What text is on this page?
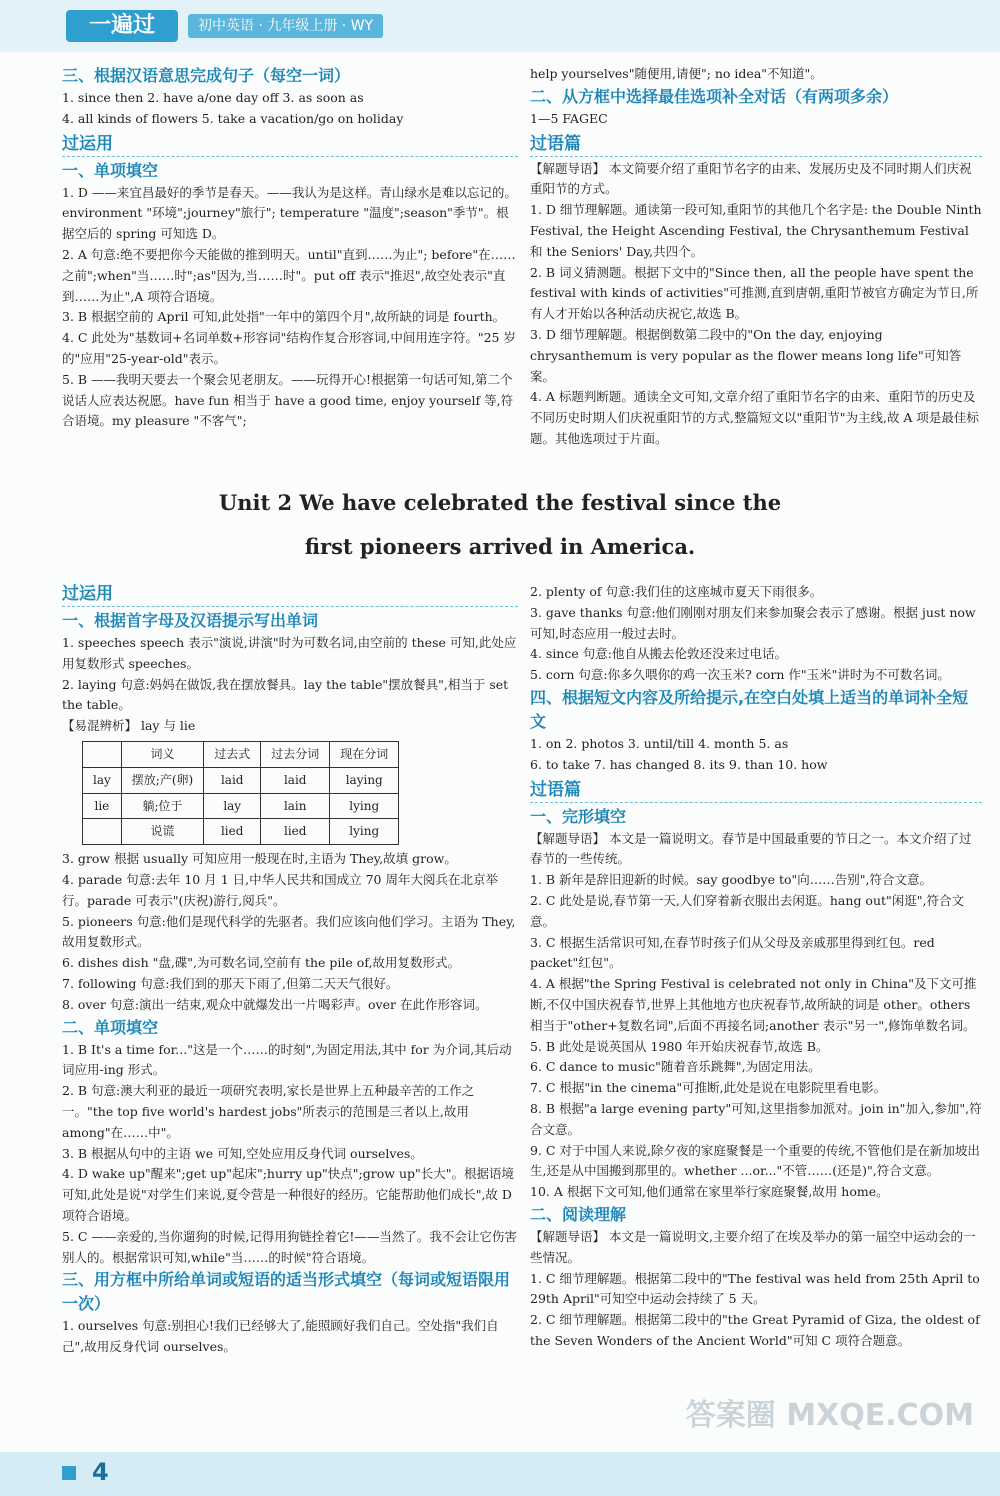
一遍过	初中英语 · 九年级上册 · WY
三、根据汉语意思完成句子（每空一词）

1. since then 2. have a/one day off 3. as soon as

4. all kinds of flowers 5. take a vacation/go on holiday

过运用
一、单项填空

1. D ——来宜昌最好的季节是春天。——我认为是这样。青山绿水是难以忘记的。environment "环境";journey"旅行"; temperature "温度";season"季节"。根据空后的 spring 可知选 D。

2. A 句意:绝不要把你今天能做的推到明天。until"直到……为止"; before"在……之前";when"当……时";as"因为,当……时"。put off 表示"推迟",故空处表示"直到……为止",A 项符合语境。

3. B 根据空前的 April 可知,此处指"一年中的第四个月",故所缺的词是 fourth。

4. C 此处为"基数词+名词单数+形容词"结构作复合形容词,中间用连字符。"25 岁的"应用"25-year-old"表示。

5. B ——我明天要去一个聚会见老朋友。——玩得开心!根据第一句话可知,第二个说话人应表达祝愿。have fun 相当于 have a good time, enjoy yourself 等,符合语境。my pleasure "不客气";

help yourselves"随便用,请便"; no idea"不知道"。

二、从方框中选择最佳选项补全对话（有两项多余）

1—5 FAGEC

过语篇

【解题导语】 本文简要介绍了重阳节名字的由来、发展历史及不同时期人们庆祝重阳节的方式。

1. D 细节理解题。通读第一段可知,重阳节的其他几个名字是: the Double Ninth Festival, the Height Ascending Festival, the Chrysanthemum Festival 和 the Seniors' Day,共四个。

2. B 词义猜测题。根据下文中的"Since then, all the people have spent the festival with kinds of activities"可推测,直到唐朝,重阳节被官方确定为节日,所有人才开始以各种活动庆祝它,故选 B。

3. D 细节理解题。根据倒数第二段中的"On the day, enjoying chrysanthemum is very popular as the flower means long life"可知答案。

4. A 标题判断题。通读全文可知,文章介绍了重阳节名字的由来、重阳节的历史及不同历史时期人们庆祝重阳节的方式,整篇短文以"重阳节"为主线,故 A 项是最佳标题。其他选项过于片面。

Unit 2 We have celebrated the festival since the
first pioneers arrived in America.
过运用
一、根据首字母及汉语提示写出单词

1. speeches speech 表示"演说,讲演"时为可数名词,由空前的 these 可知,此处应用复数形式 speeches。

2. laying 句意:妈妈在做饭,我在摆放餐具。lay the table"摆放餐具",相当于 set the table。

【易混辨析】 lay 与 lie

	词义	过去式	过去分词	现在分词
lay	摆放;产(卵)	laid	laid	laying
lie	躺;位于	lay	lain	lying
	说谎	lied	lied	lying

3. grow 根据 usually 可知应用一般现在时,主语为 They,故填 grow。

4. parade 句意:去年 10 月 1 日,中华人民共和国成立 70 周年大阅兵在北京举行。parade 可表示"(庆祝)游行,阅兵"。

5. pioneers 句意:他们是现代科学的先驱者。我们应该向他们学习。主语为 They,故用复数形式。

6. dishes dish "盘,碟",为可数名词,空前有 the pile of,故用复数形式。

7. following 句意:我们到的那天下雨了,但第二天天气很好。

8. over 句意:演出一结束,观众中就爆发出一片喝彩声。over 在此作形容词。

二、单项填空

1. B It's a time for..."这是一个……的时刻",为固定用法,其中 for 为介词,其后动词应用-ing 形式。

2. B 句意:澳大利亚的最近一项研究表明,家长是世界上五种最辛苦的工作之一。"the top five world's hardest jobs"所表示的范围是三者以上,故用 among"在……中"。

3. B 根据从句中的主语 we 可知,空处应用反身代词 ourselves。

4. D wake up"醒来";get up"起床";hurry up"快点";grow up"长大"。根据语境可知,此处是说"对学生们来说,夏令营是一种很好的经历。它能帮助他们成长",故 D 项符合语境。

5. C ——亲爱的,当你遛狗的时候,记得用狗链拴着它!——当然了。我不会让它伤害别人的。根据常识可知,while"当……的时候"符合语境。

三、用方框中所给单词或短语的适当形式填空（每词或短语限用一次）

1. ourselves 句意:别担心!我们已经够大了,能照顾好我们自己。空处指"我们自己",故用反身代词 ourselves。

2. plenty of 句意:我们住的这座城市夏天下雨很多。

3. gave thanks 句意:他们刚刚对朋友们来参加聚会表示了感谢。根据 just now 可知,时态应用一般过去时。

4. since 句意:他自从搬去伦敦还没来过电话。

5. corn 句意:你多久喂你的鸡一次玉米? corn 作"玉米"讲时为不可数名词。

四、根据短文内容及所给提示,在空白处填上适当的单词补全短文

1. on 2. photos 3. until/till 4. month 5. as

6. to take 7. has changed 8. its 9. than 10. how

过语篇
一、完形填空

【解题导语】 本文是一篇说明文。春节是中国最重要的节日之一。本文介绍了过春节的一些传统。

1. B 新年是辞旧迎新的时候。say goodbye to"向……告别",符合文意。

2. C 此处是说,春节第一天,人们穿着新衣服出去闲逛。hang out"闲逛",符合文意。

3. C 根据生活常识可知,在春节时孩子们从父母及亲戚那里得到红包。red packet"红包"。

4. A 根据"the Spring Festival is celebrated not only in China"及下文可推断,不仅中国庆祝春节,世界上其他地方也庆祝春节,故所缺的词是 other。others 相当于"other+复数名词",后面不再接名词;another 表示"另一",修饰单数名词。

5. B 此处是说英国从 1980 年开始庆祝春节,故选 B。

6. C dance to music"随着音乐跳舞",为固定用法。

7. C 根据"in the cinema"可推断,此处是说在电影院里看电影。

8. B 根据"a large evening party"可知,这里指参加派对。join in"加入,参加",符合文意。

9. C 对于中国人来说,除夕夜的家庭聚餐是一个重要的传统,不管他们是在新加坡出生,还是从中国搬到那里的。whether ...or..."不管……(还是)",符合文意。

10. A 根据下文可知,他们通常在家里举行家庭聚餐,故用 home。

二、阅读理解

【解题导语】 本文是一篇说明文,主要介绍了在埃及举办的第一届空中运动会的一些情况。

1. C 细节理解题。根据第二段中的"The festival was held from 25th April to 29th April"可知空中运动会持续了 5 天。

2. C 细节理解题。根据第二段中的"the Great Pyramid of Giza, the oldest of the Seven Wonders of the Ancient World"可知 C 项符合题意。

4
答案圈 MXQE.COM
